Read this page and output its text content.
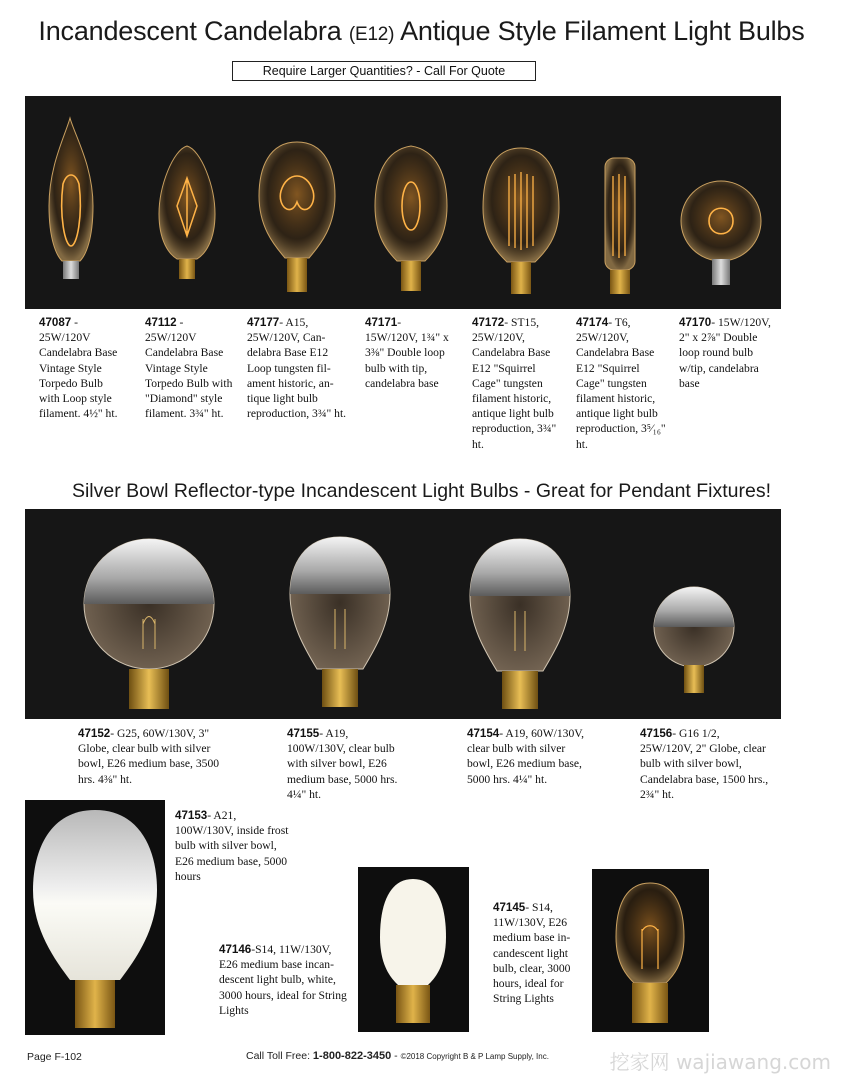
Incandescent Candelabra (E12) Antique Style Filament Light Bulbs
Require Larger Quantities? - Call For Quote
47087 - 25W/120V Candelabra Base Vintage Style Torpedo Bulb with Loop style filament. 4½" ht.
47112 - 25W/120V Candelabra Base Vintage Style Torpedo Bulb with "Diamond" style filament. 3¾" ht.
47177- A15, 25W/120V, Candelabra Base E12 Loop tungsten filament historic, antique light bulb reproduction, 3¾" ht.
47171- 15W/120V, 1¾" x 3⅜" Double loop bulb with tip, candelabra base
47172- ST15, 25W/120V, Candelabra Base E12 "Squirrel Cage" tungsten filament historic, antique light bulb reproduction, 3¾" ht.
47174- T6, 25W/120V, Candelabra Base E12 "Squirrel Cage" tungsten filament historic, antique light bulb reproduction, 3⁵⁄₁₆" ht.
47170- 15W/120V, 2" x 2⅞" Double loop round bulb w/tip, candelabra base
Silver Bowl Reflector-type Incandescent Light Bulbs - Great for Pendant Fixtures!
47152- G25, 60W/130V, 3" Globe, clear bulb with silver bowl, E26 medium base, 3500 hrs. 4⅜" ht.
47155- A19, 100W/130V, clear bulb with silver bowl, E26 medium base, 5000 hrs. 4¼" ht.
47154- A19, 60W/130V, clear bulb with silver bowl, E26 medium base, 5000 hrs. 4¼" ht.
47156- G16 1/2, 25W/120V, 2" Globe, clear bulb with silver bowl, Candelabra base, 1500 hrs., 2¾" ht.
47153- A21, 100W/130V, inside frost bulb with silver bowl, E26 medium base, 5000 hours
47146-S14, 11W/130V, E26 medium base incandescent light bulb, white, 3000 hours, ideal for String Lights
47145- S14, 11W/130V, E26 medium base incandescent light bulb, clear, 3000 hours, ideal for String Lights
Page F-102	Call Toll Free: 1-800-822-3450 - ©2018 Copyright B & P Lamp Supply, Inc.	挖家网 wajiawang.com
